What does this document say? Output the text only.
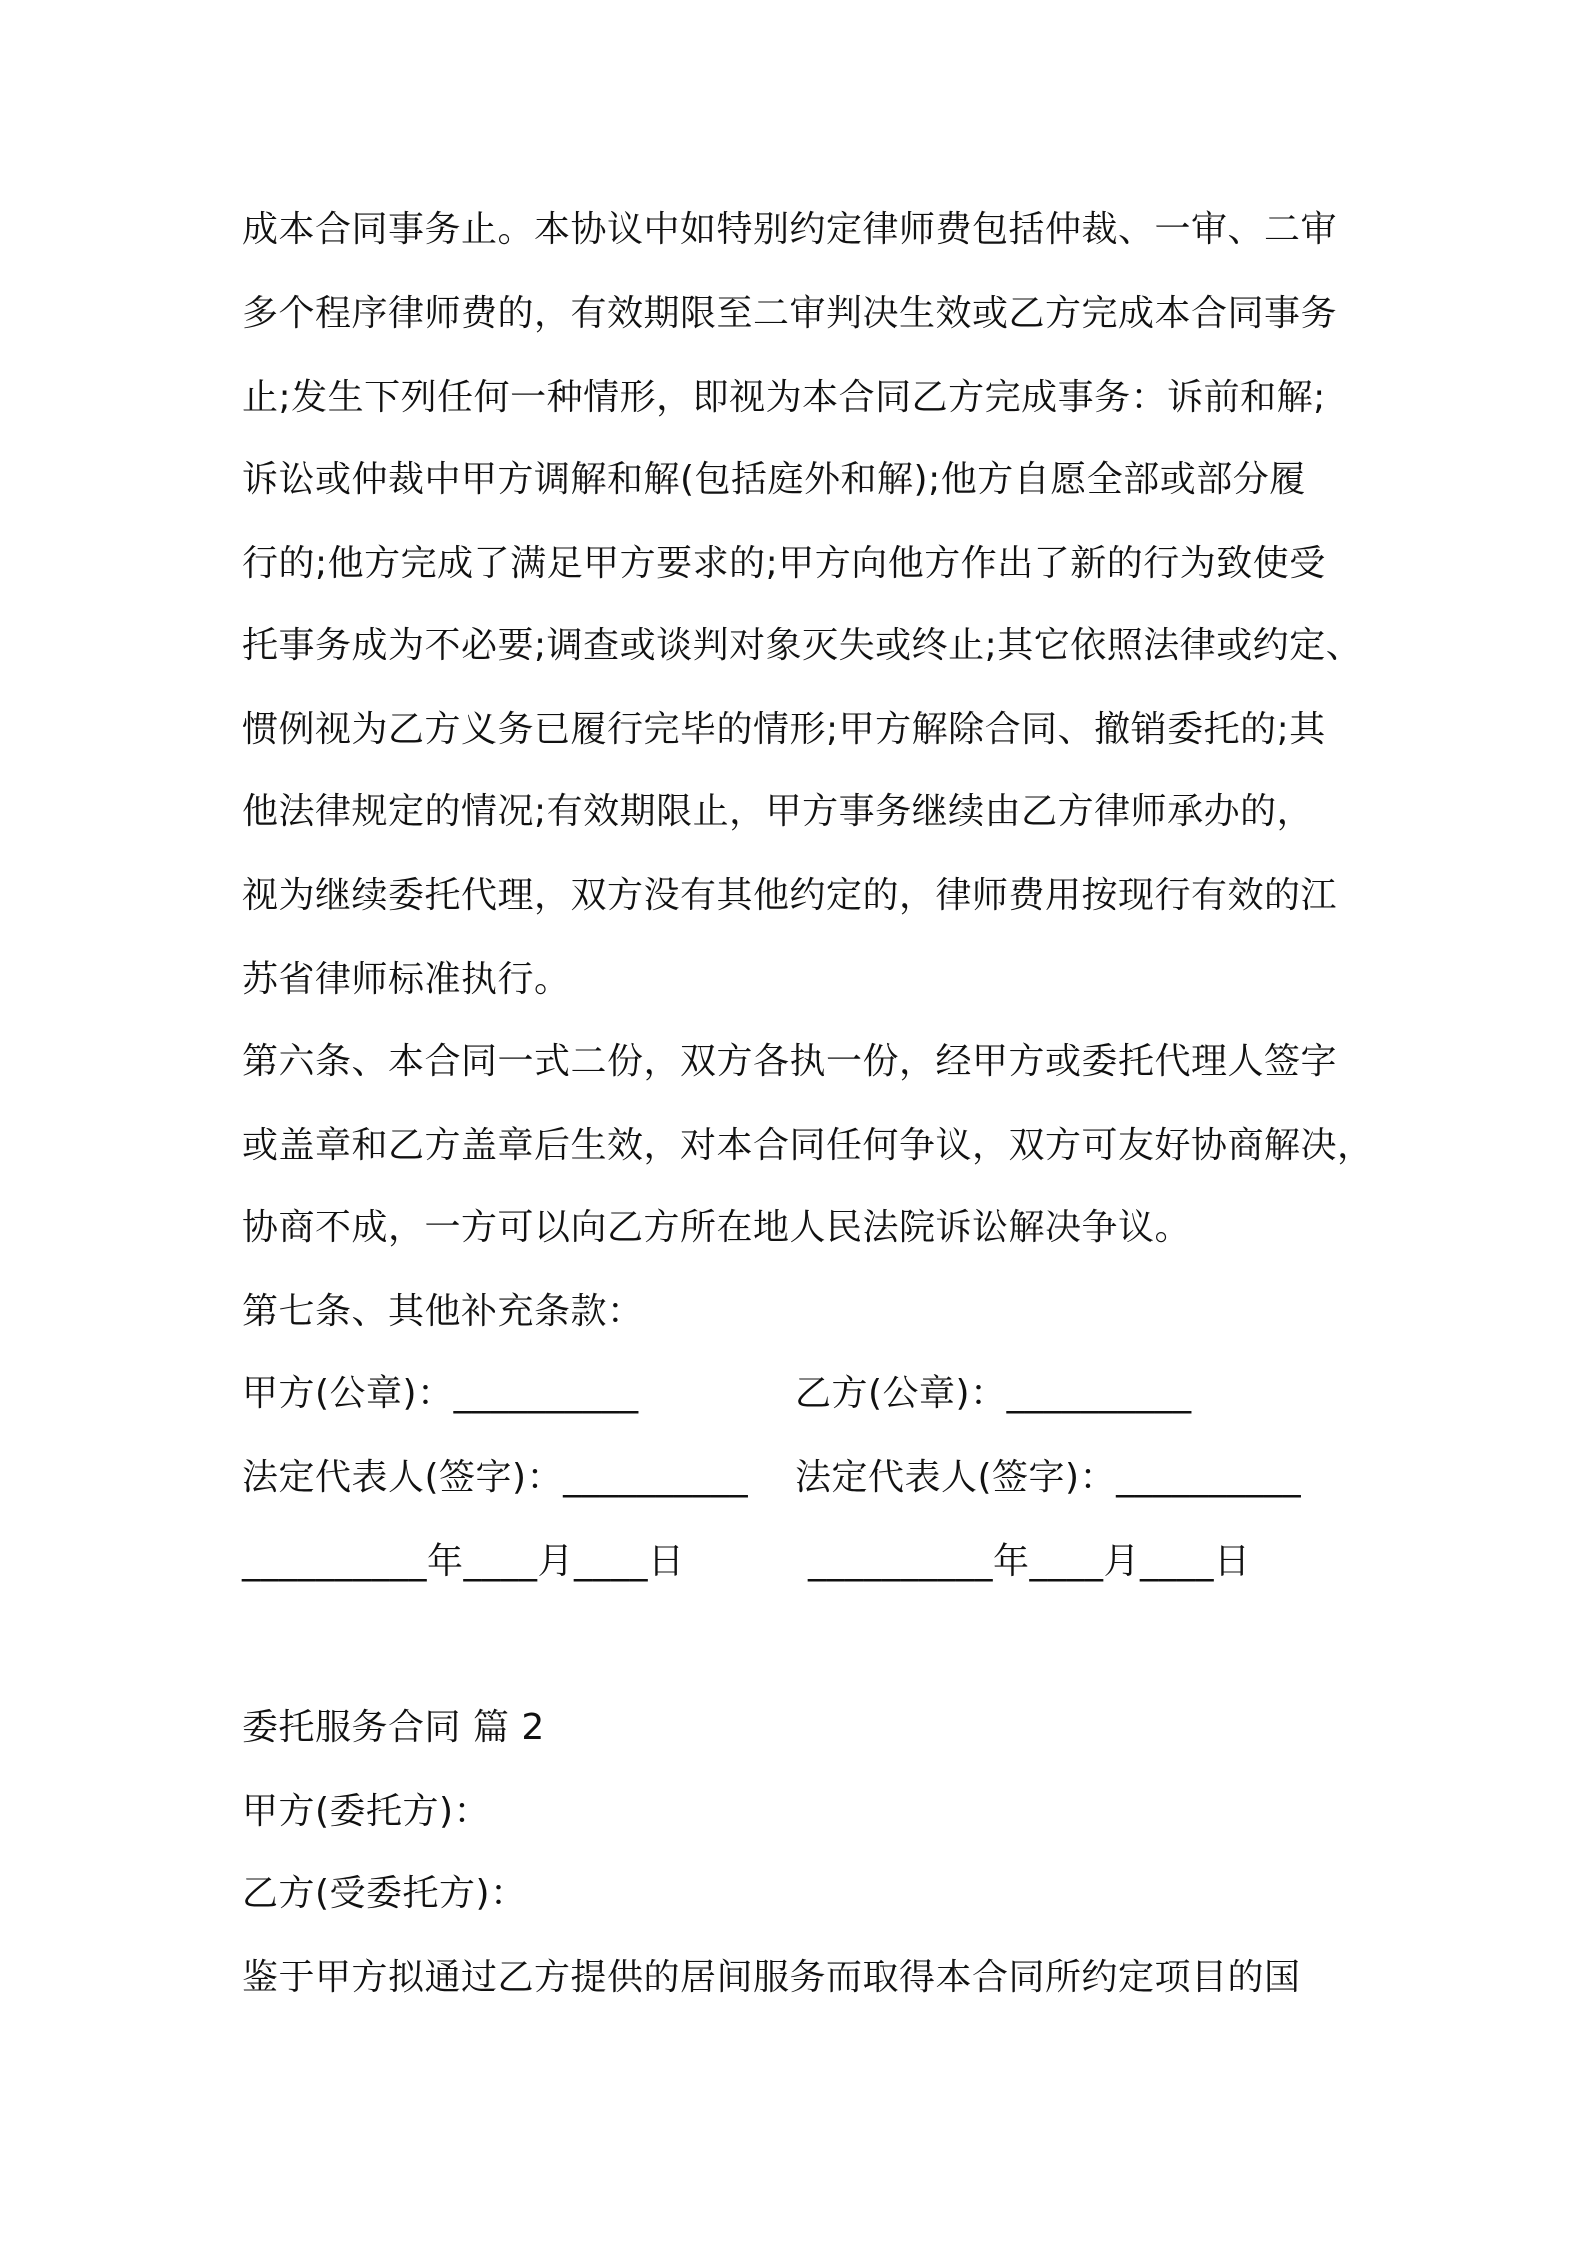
成本合同事务止。本协议中如特别约定律师费包括仲裁、一审、二审
多个程序律师费的，有效期限至二审判决生效或乙方完成本合同事务
止;发生下列任何一种情形，即视为本合同乙方完成事务：诉前和解;
诉讼或仲裁中甲方调解和解(包括庭外和解);他方自愿全部或部分履
行的;他方完成了满足甲方要求的;甲方向他方作出了新的行为致使受
托事务成为不必要;调查或谈判对象灭失或终止;其它依照法律或约定、
惯例视为乙方义务已履行完毕的情形;甲方解除合同、撤销委托的;其
他法律规定的情况;有效期限止，甲方事务继续由乙方律师承办的，
视为继续委托代理，双方没有其他约定的，律师费用按现行有效的江
苏省律师标准执行。
第六条、本合同一式二份，双方各执一份，经甲方或委托代理人签字
或盖章和乙方盖章后生效，对本合同任何争议，双方可友好协商解决，
协商不成，一方可以向乙方所在地人民法院诉讼解决争议。
第七条、其他补充条款：
甲方(公章)：__________	乙方(公章)：__________
法定代表人(签字)：__________ 法定代表人(签字)：__________
__________年____月____日	__________年____月____日
委托服务合同 篇 2
甲方(委托方)：
乙方(受委托方)：
鉴于甲方拟通过乙方提供的居间服务而取得本合同所约定项目的国
